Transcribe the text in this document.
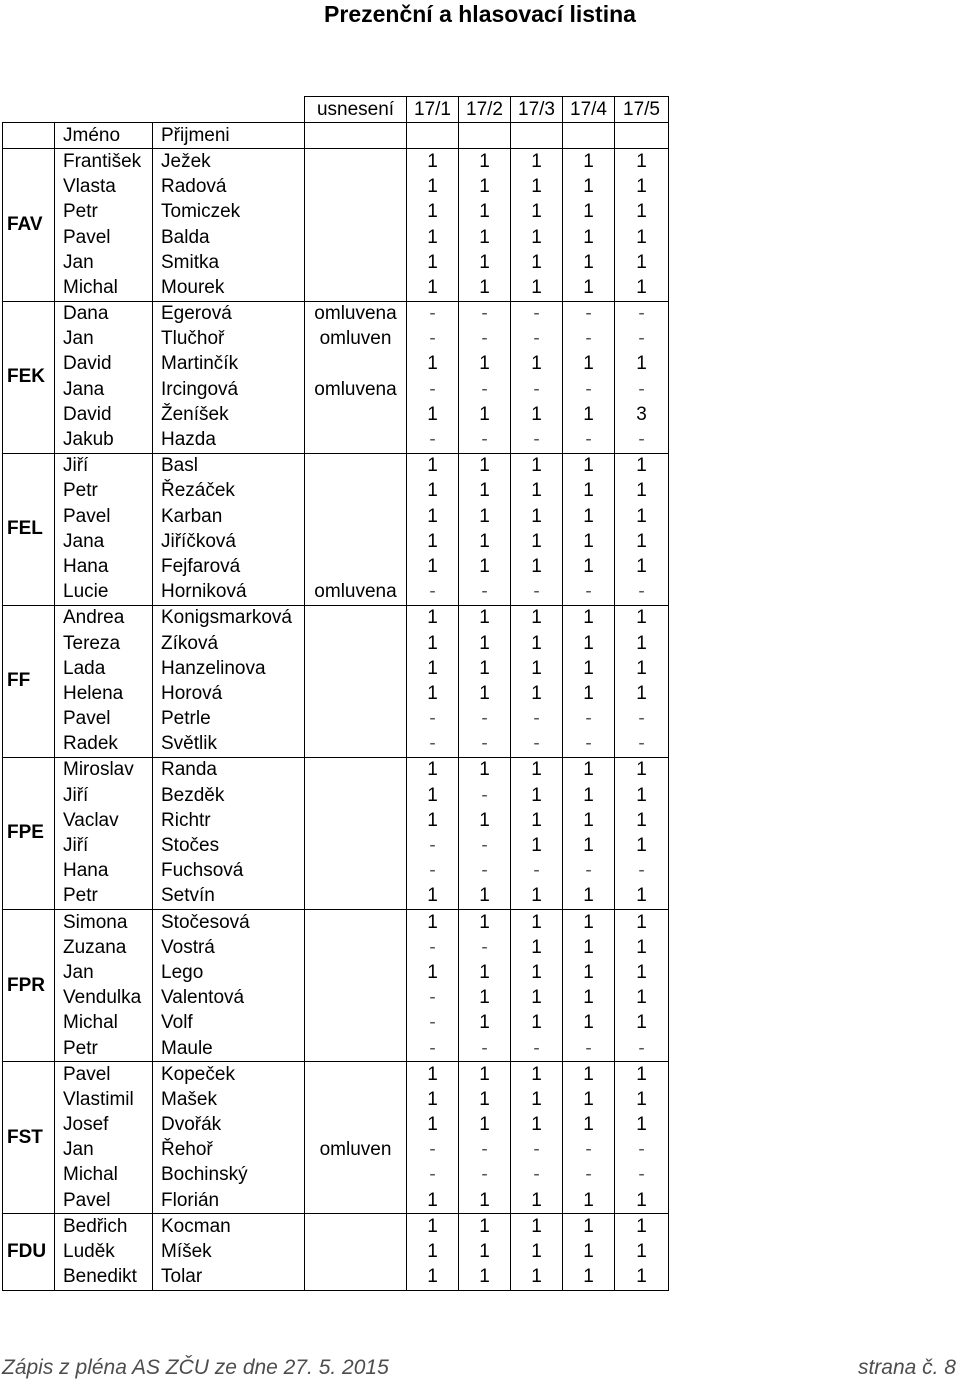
Prezenční a hlasovací listina
			usnesení	17/1	17/2	17/3	17/4	17/5
	Jméno	Přijmeni						
FAV	František	Ježek		1	1	1	1	1
	Vlasta	Radová		1	1	1	1	1
	Petr	Tomiczek		1	1	1	1	1
	Pavel	Balda		1	1	1	1	1
	Jan	Smitka		1	1	1	1	1
	Michal	Mourek		1	1	1	1	1
FEK	Dana	Egerová	omluvena	-	-	-	-	-
	Jan	Tlučhoř	omluven	-	-	-	-	-
	David	Martinčík		1	1	1	1	1
	Jana	Ircingová	omluvena	-	-	-	-	-
	David	Ženíšek		1	1	1	1	3
	Jakub	Hazda		-	-	-	-	-
FEL	Jiří	Basl		1	1	1	1	1
	Petr	Řezáček		1	1	1	1	1
	Pavel	Karban		1	1	1	1	1
	Jana	Jiříčková		1	1	1	1	1
	Hana	Fejfarová		1	1	1	1	1
	Lucie	Horniková	omluvena	-	-	-	-	-
FF	Andrea	Konigsmarková		1	1	1	1	1
	Tereza	Zíková		1	1	1	1	1
	Lada	Hanzelinova		1	1	1	1	1
	Helena	Horová		1	1	1	1	1
	Pavel	Petrle		-	-	-	-	-
	Radek	Světlik		-	-	-	-	-
FPE	Miroslav	Randa		1	1	1	1	1
	Jiří	Bezděk		1	-	1	1	1
	Vaclav	Richtr		1	1	1	1	1
	Jiří	Stočes		-	-	1	1	1
	Hana	Fuchsová		-	-	-	-	-
	Petr	Setvín		1	1	1	1	1
FPR	Simona	Stočesová		1	1	1	1	1
	Zuzana	Vostrá		-	-	1	1	1
	Jan	Lego		1	1	1	1	1
	Vendulka	Valentová		-	1	1	1	1
	Michal	Volf		-	1	1	1	1
	Petr	Maule		-	-	-	-	-
FST	Pavel	Kopeček		1	1	1	1	1
	Vlastimil	Mašek		1	1	1	1	1
	Josef	Dvořák		1	1	1	1	1
	Jan	Řehoř	omluven	-	-	-	-	-
	Michal	Bochinský		-	-	-	-	-
	Pavel	Florián		1	1	1	1	1
FDU	Bedřich	Kocman		1	1	1	1	1
	Luděk	Míšek		1	1	1	1	1
	Benedikt	Tolar		1	1	1	1	1
Zápis z pléna AS ZČU ze dne 27. 5. 2015	strana č. 8
